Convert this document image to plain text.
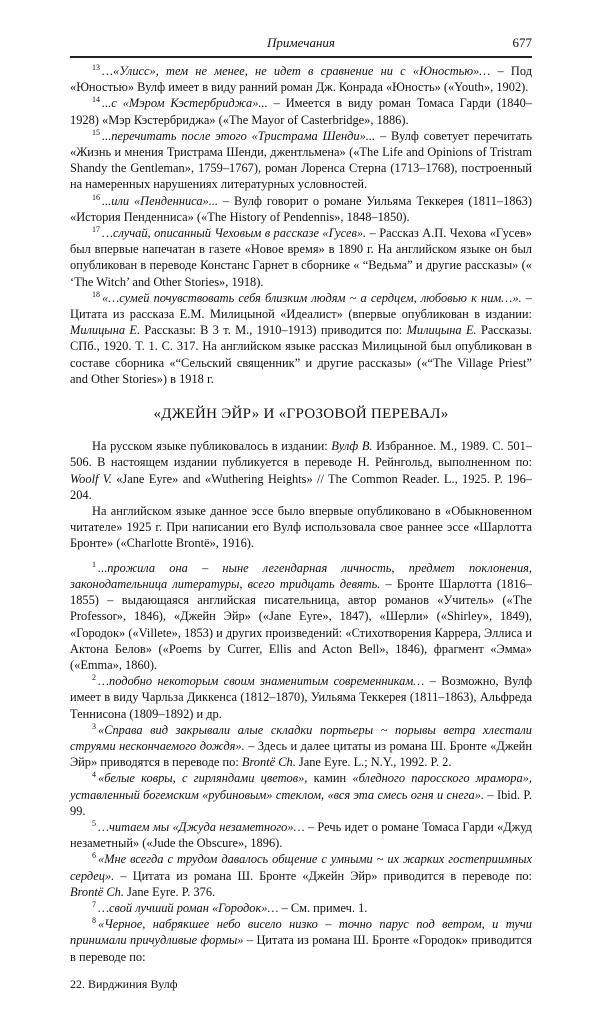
Примечания	677

$^{13}$ …«Улисс», тем не менее, не идет в сравнение ни с «Юностью»… – Под «Юностью» Вулф имеет в виду ранний роман Дж. Конрада «Юность» («Youth», 1902).

$^{14}$ ...с «Мэром Кэстербриджа»... – Имеется в виду роман Томаса Гарди (1840–1928) «Мэр Кэстербриджа» («The Mayor of Casterbridge», 1886).

$^{15}$ ...перечитать после этого «Тристрама Шенди»... – Вулф советует перечитать «Жизнь и мнения Тристрама Шенди, джентльмена» («The Life and Opinions of Tristram Shandy the Gentleman», 1759–1767), роман Лоренса Стерна (1713–1768), построенный на намеренных нарушениях литературных условностей.

$^{16}$ ...или «Пенденниса»... – Вулф говорит о романе Уильяма Теккерея (1811–1863) «История Пенденниса» («The History of Pendennis», 1848–1850).

$^{17}$ …случай, описанный Чеховым в рассказе «Гусев». – Рассказ А.П. Чехова «Гусев» был впервые напечатан в газете «Новое время» в 1890 г. На английском языке он был опубликован в переводе Констанс Гарнет в сборнике « “Ведьма” и другие рассказы» (« ‘The Witch’ and Other Stories», 1918).

$^{18}$ «…сумей почувствовать себя близким людям ~ а сердцем, любовью к ним…». – Цитата из рассказа Е.М. Милицыной «Идеалист» (впервые опубликован в издании: Милицына Е. Рассказы: В 3 т. М., 1910–1913) приводится по: Милицына Е. Рассказы. СПб., 1920. Т. 1. С. 317. На английском языке рассказ Милицыной был опубликован в составе сборника «“Сельский священник” и другие рассказы» («“The Village Priest” and Other Stories») в 1918 г.

«ДЖЕЙН ЭЙР» И «ГРОЗОВОЙ ПЕРЕВАЛ»

На русском языке публиковалось в издании: Вулф В. Избранное. М., 1989. С. 501–506. В настоящем издании публикуется в переводе Н. Рейнгольд, выполненном по: Woolf V. «Jane Eyre» and «Wuthering Heights» // The Common Reader. L., 1925. P. 196–204.

На английском языке данное эссе было впервые опубликовано в «Обыкновенном читателе» 1925 г. При написании его Вулф использовала свое раннее эссе «Шарлотта Бронте» («Charlotte Brontë», 1916).

$^1$ ...прожила она – ныне легендарная личность, предмет поклонения, законодательница литературы, всего тридцать девять. – Бронте Шарлотта (1816–1855) – выдающаяся английская писательница, автор романов «Учитель» («The Professor», 1846), «Джейн Эйр» («Jane Eyre», 1847), «Шерли» («Shirley», 1849), «Городок» («Villete», 1853) и других произведений: «Стихотворения Каррера, Эллиса и Актона Белов» («Poems by Currer, Ellis and Acton Bell», 1846), фрагмент «Эмма» («Emma», 1860).

$^2$ …подобно некоторым своим знаменитым современникам… – Возможно, Вулф имеет в виду Чарльза Диккенса (1812–1870), Уильяма Теккерея (1811–1863), Альфреда Теннисона (1809–1892) и др.

$^3$ «Справа вид закрывали алые складки портьеры ~ порывы ветра хлестали струями нескончаемого дождя». – Здесь и далее цитаты из романа Ш. Бронте «Джейн Эйр» приводятся в переводе по: Brontë Ch. Jane Eyre. L.; N.Y., 1992. P. 2.

$^4$ «белые ковры, с гирляндами цветов», камин «бледного паросского мрамора», уставленный богемским «рубиновым» стеклом, «вся эта смесь огня и снега». – Ibid. P. 99.

$^5$ …читаем мы «Джуда незаметного»… – Речь идет о романе Томаса Гарди «Джуд незаметный» («Jude the Obscure», 1896).

$^6$ «Мне всегда с трудом давалось общение с умными ~ их жарких гостеприимных сердец». – Цитата из романа Ш. Бронте «Джейн Эйр» приводится в переводе по: Brontë Ch. Jane Eyre. P. 376.

$^7$ …свой лучший роман «Городок»… – См. примеч. 1.

$^8$ «Черное, набрякшее небо висело низко – точно парус под ветром, и тучи принимали причудливые формы» – Цитата из романа Ш. Бронте «Городок» приводится в переводе по:

22. Вирджиния Вулф
